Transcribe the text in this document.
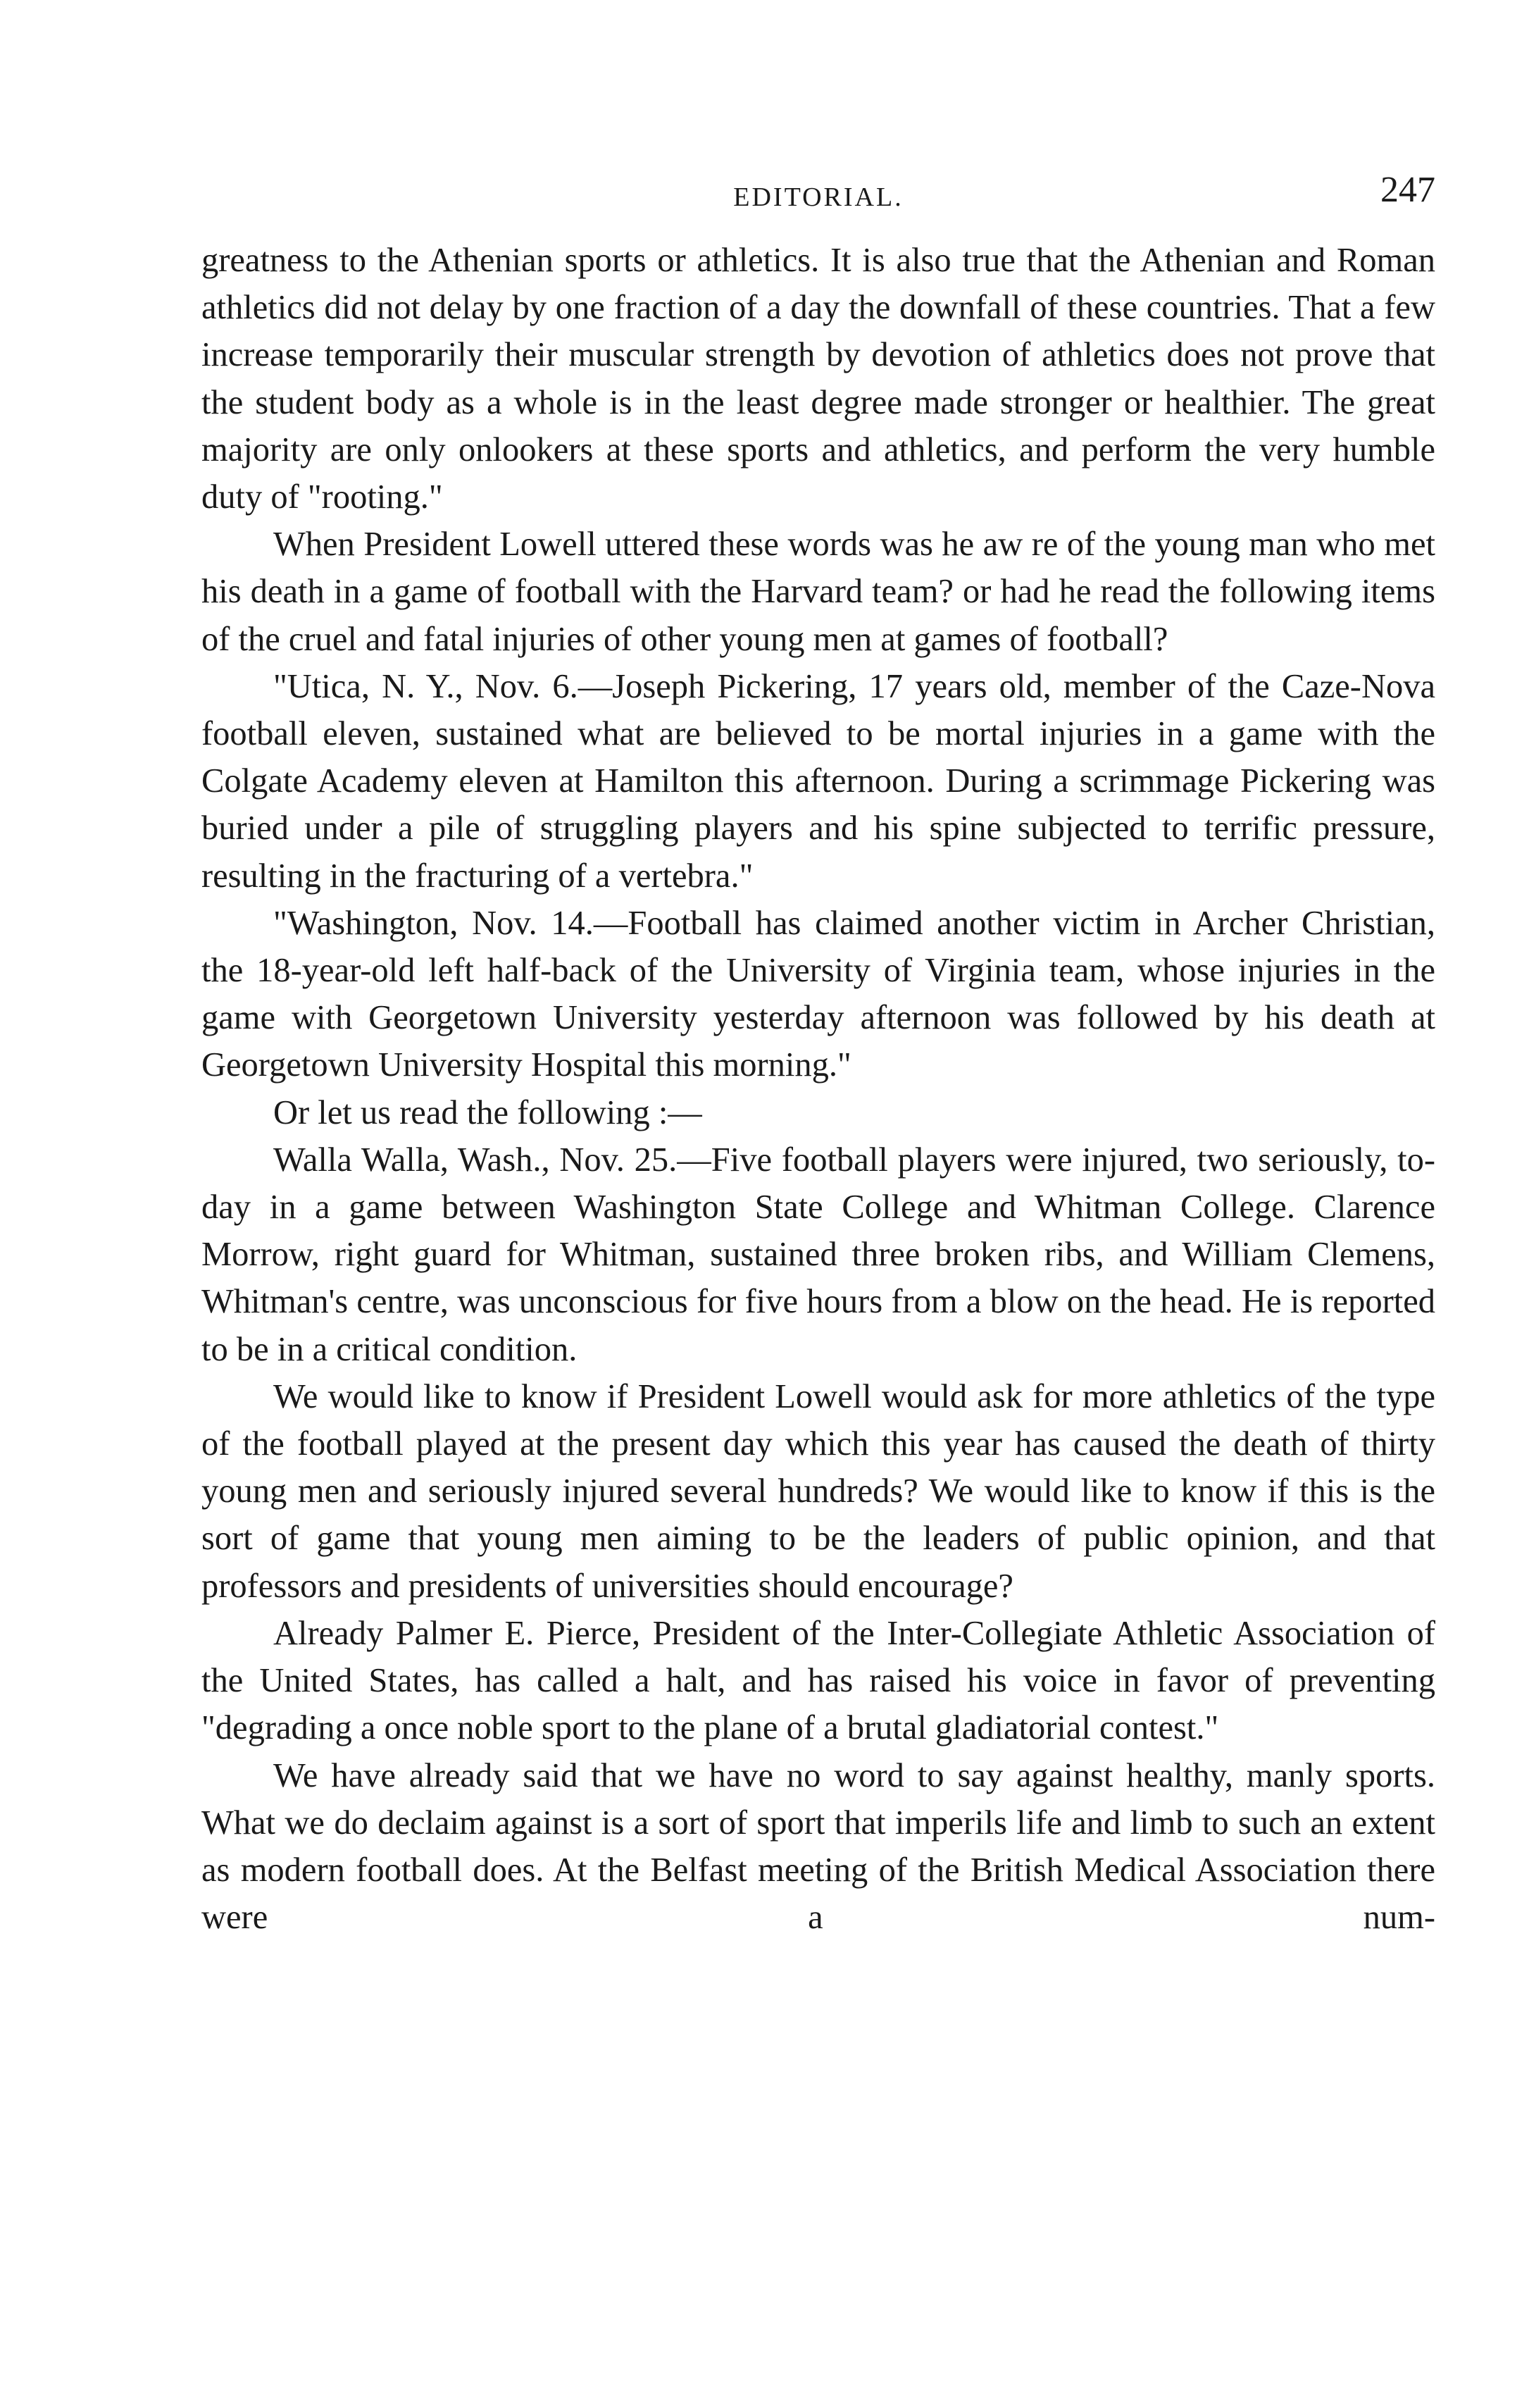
EDITORIAL.	247

greatness to the Athenian sports or athletics. It is also true that the Athenian and Roman athletics did not delay by one fraction of a day the downfall of these countries. That a few increase temporarily their muscular strength by devotion of athletics does not prove that the student body as a whole is in the least degree made stronger or healthier. The great majority are only onlookers at these sports and athletics, and perform the very humble duty of "rooting."

When President Lowell uttered these words was he aw re of the young man who met his death in a game of football with the Harvard team? or had he read the following items of the cruel and fatal injuries of other young men at games of football?

"Utica, N. Y., Nov. 6.—Joseph Pickering, 17 years old, member of the Caze-Nova football eleven, sustained what are believed to be mortal injuries in a game with the Colgate Academy eleven at Hamilton this afternoon. During a scrimmage Pickering was buried under a pile of struggling players and his spine subjected to terrific pressure, resulting in the fracturing of a vertebra."

"Washington, Nov. 14.—Football has claimed another victim in Archer Christian, the 18-year-old left half-back of the University of Virginia team, whose injuries in the game with Georgetown University yesterday afternoon was followed by his death at Georgetown University Hospital this morning."

Or let us read the following :—

Walla Walla, Wash., Nov. 25.—Five football players were injured, two seriously, to-day in a game between Washington State College and Whitman College. Clarence Morrow, right guard for Whitman, sustained three broken ribs, and William Clemens, Whitman's centre, was unconscious for five hours from a blow on the head. He is reported to be in a critical condition.

We would like to know if President Lowell would ask for more athletics of the type of the football played at the present day which this year has caused the death of thirty young men and seriously injured several hundreds? We would like to know if this is the sort of game that young men aiming to be the leaders of public opinion, and that professors and presidents of universities should encourage?

Already Palmer E. Pierce, President of the Inter-Collegiate Athletic Association of the United States, has called a halt, and has raised his voice in favor of preventing "degrading a once noble sport to the plane of a brutal gladiatorial contest."

We have already said that we have no word to say against healthy, manly sports. What we do declaim against is a sort of sport that imperils life and limb to such an extent as modern football does. At the Belfast meeting of the British Medical Association there were a num-
